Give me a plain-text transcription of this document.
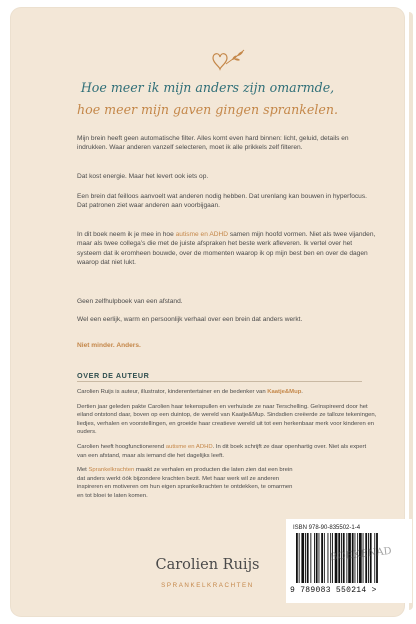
Hoe meer ik mijn anders zijn omarmde,
hoe meer mijn gaven gingen sprankelen.

Mijn brein heeft geen automatische filter. Alles komt even hard binnen: licht, geluid, details en indrukken. Waar anderen vanzelf selecteren, moet ik alle prikkels zelf filteren.

Dat kost energie. Maar het levert ook iets op.

Een brein dat feilloos aanvoelt wat anderen nodig hebben. Dat urenlang kan bouwen in hyperfocus. Dat patronen ziet waar anderen aan voorbijgaan.

In dit boek neem ik je mee in hoe autisme en ADHD samen mijn hoofd vormen. Niet als twee vijanden, maar als twee collega’s die met de juiste afspraken het beste werk afleveren. Ik vertel over het systeem dat ik eromheen bouwde, over de momenten waarop ik op mijn best ben en over de dagen waarop dat niet lukt.

Geen zelfhulpboek van een afstand.

Wel een eerlijk, warm en persoonlijk verhaal over een brein dat anders werkt.

Niet minder. Anders.

OVER DE AUTEUR

Carolien Ruijs is auteur, illustrator, kinderentertainer en de bedenker van Kaatje&Mup.

Dertien jaar geleden pakte Carolien haar tekenspullen en verhuisde ze naar Terschelling. Geïnspireerd door het eiland ontstond daar, boven op een duintop, de wereld van Kaatje&Mup. Sindsdien creëerde ze talloze tekeningen, liedjes, verhalen en voorstellingen, en groeide haar creatieve wereld uit tot een herkenbaar merk voor kinderen en ouders.

Carolien heeft hoogfunctionerend autisme en ADHD. In dit boek schrijft ze daar openhartig over. Niet als expert van een afstand, maar als iemand die het dagelijks leeft.

Met Sprankelkrachten maakt ze verhalen en producten die laten zien dat een brein dat anders werkt óók bijzondere krachten bezit. Met haar werk wil ze anderen inspireren en motiveren om hun eigen sprankelkrachten te ontdekken, te omarmen en tot bloei te laten komen.

Carolien Ruijs
SPRANKELKRACHTEN
ISBN 978-90-835502-1-4
BOEKENAD
9 789083 550214 >
